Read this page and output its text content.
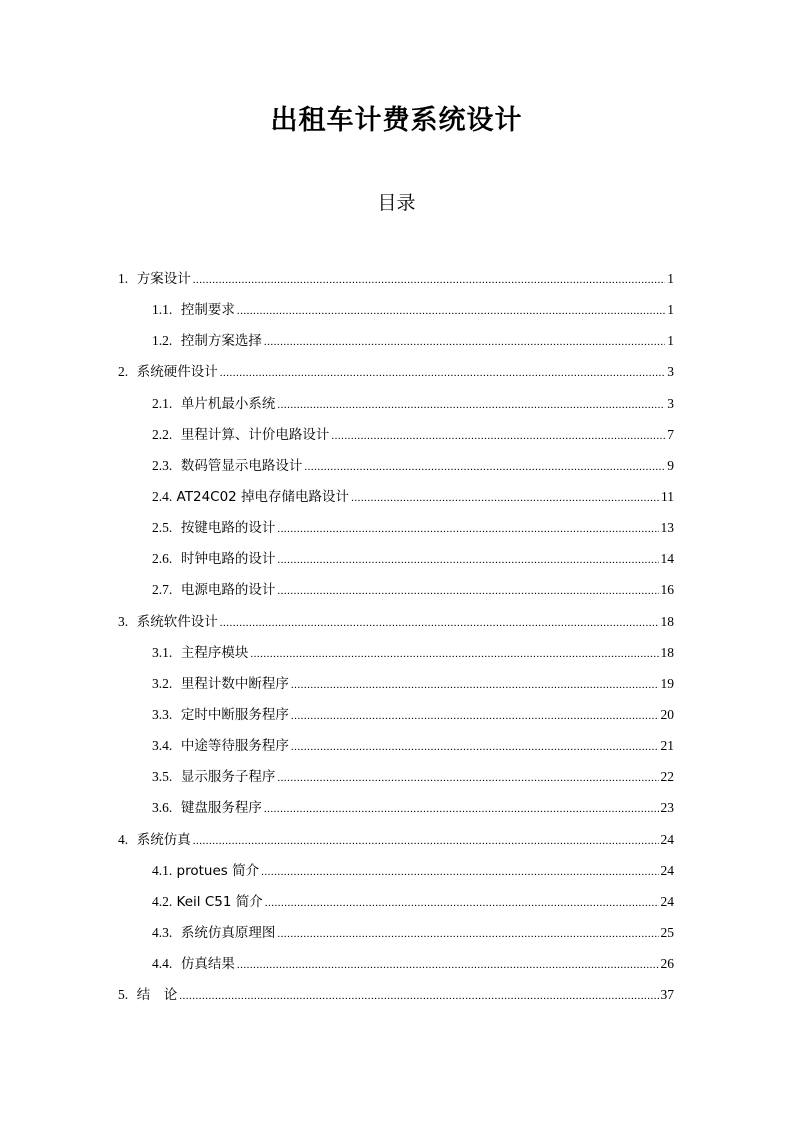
出租车计费系统设计
目录
1.
方案设计 .....	1
1.1.
控制要求 .....	1
1.2.
控制方案选择 .....	1
2.
系统硬件设计 .....	3
2.1.
单片机最小系统 .....	3
2.2.
里程计算、计价电路设计 .....	7
2.3.
数码管显示电路设计 .....	9
2.4.
AT24C02 掉电存储电路设计 .....	11
2.5.
按键电路的设计 .....	13
2.6.
时钟电路的设计 .....	14
2.7.
电源电路的设计 .....	16
3.
系统软件设计 .....	18
3.1.
主程序模块 .....	18
3.2.
里程计数中断程序 .....	19
3.3.
定时中断服务程序 .....	20
3.4.
中途等待服务程序 .....	21
3.5.
显示服务子程序 .....	22
3.6.
键盘服务程序 .....	23
4.
系统仿真 .....	24
4.1.
protues 简介 .....	24
4.2.
Keil C51 简介 .....	24
4.3.
系统仿真原理图 .....	25
4.4.
仿真结果 .....	26
5.
结　论 .....	37
